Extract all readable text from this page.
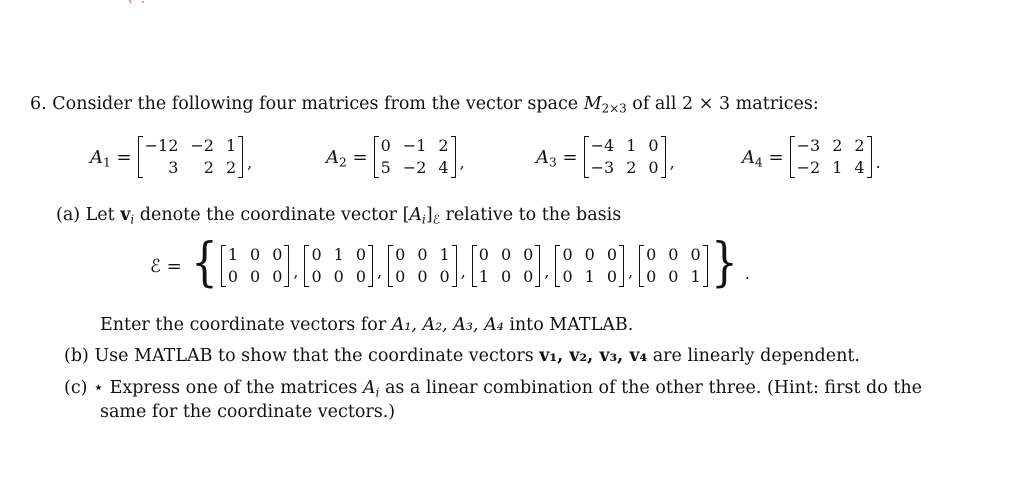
6. Consider the following four matrices from the vector space $M_{2\times 3}$ of all 2 × 3 matrices:
$A_1$ =
−12 −2 1
3	2 2 ,	$A_2$ =
0 −1 2
5 −2 4 ,	$A_3$ =
−4 1 0
−3 2 0 ,	$A_4$ =
−3 2 2
−2 1 4 .
(a) Let $v_i$ denote the coordinate vector $[A_i]_ℰ$ relative to the basis
ℰ = { 1 0 0
0 0 0 ,
0 1 0
0 0 0 ,
0 0 1
0 0 0 ,
0 0 0
1 0 0 ,
0 0 0
0 1 0 ,
0 0 0
0 0 1 } .
Enter the coordinate vectors for A₁, A₂, A₃, A₄ into MATLAB.
(b) Use MATLAB to show that the coordinate vectors v₁, v₂, v₃, v₄ are linearly dependent.
(c) ⋆ Express one of the matrices $A_i$ as a linear combination of the other three. (Hint: first do the
same for the coordinate vectors.)
